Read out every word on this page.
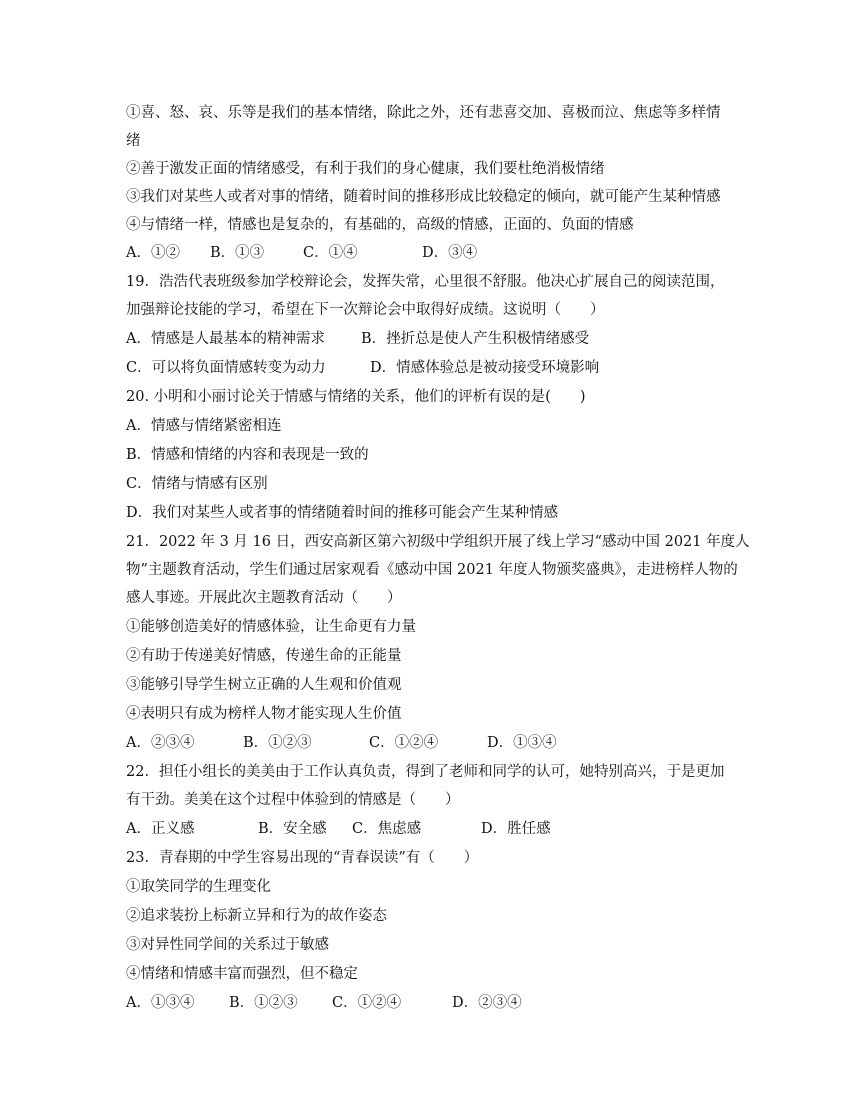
①喜、怒、哀、乐等是我们的基本情绪，除此之外，还有悲喜交加、喜极而泣、焦虑等多样情
绪
②善于激发正面的情绪感受，有利于我们的身心健康，我们要杜绝消极情绪
③我们对某些人或者对事的情绪，随着时间的推移形成比较稳定的倾向，就可能产生某种情感
④与情绪一样，情感也是复杂的，有基础的，高级的情感，正面的、负面的情感
A．①② B．①③	C．①④	D．③④
19．浩浩代表班级参加学校辩论会，发挥失常，心里很不舒服。他决心扩展自己的阅读范围，
加强辩论技能的学习，希望在下一次辩论会中取得好成绩。这说明（　　）
A．情感是人最基本的精神需求 B．挫折总是使人产生积极情绪感受
C．可以将负面情感转变为动力	D．情感体验总是被动接受环境影响
20. 小明和小丽讨论关于情感与情绪的关系，他们的评析有误的是(　　)
A．情感与情绪紧密相连
B．情感和情绪的内容和表现是一致的
C．情绪与情感有区别
D．我们对某些人或者事的情绪随着时间的推移可能会产生某种情感
21．2022 年 3 月 16 日，西安高新区第六初级中学组织开展了线上学习“感动中国 2021 年度人
物”主题教育活动，学生们通过居家观看《感动中国 2021 年度人物颁奖盛典》，走进榜样人物的
感人事迹。开展此次主题教育活动（　　）
①能够创造美好的情感体验，让生命更有力量
②有助于传递美好情感，传递生命的正能量
③能够引导学生树立正确的人生观和价值观
④表明只有成为榜样人物才能实现人生价值
A．②③④	B．①②③	C．①②④	D．①③④
22．担任小组长的美美由于工作认真负责，得到了老师和同学的认可，她特别高兴，于是更加
有干劲。美美在这个过程中体验到的情感是（　　）
A．正义感	B．安全感 C．焦虑感	D．胜任感
23．青春期的中学生容易出现的“青春误读”有（　　）
①取笑同学的生理变化
②追求装扮上标新立异和行为的故作姿态
③对异性同学间的关系过于敏感
④情绪和情感丰富而强烈，但不稳定
A．①③④ B．①②③ C．①②④	D．②③④
